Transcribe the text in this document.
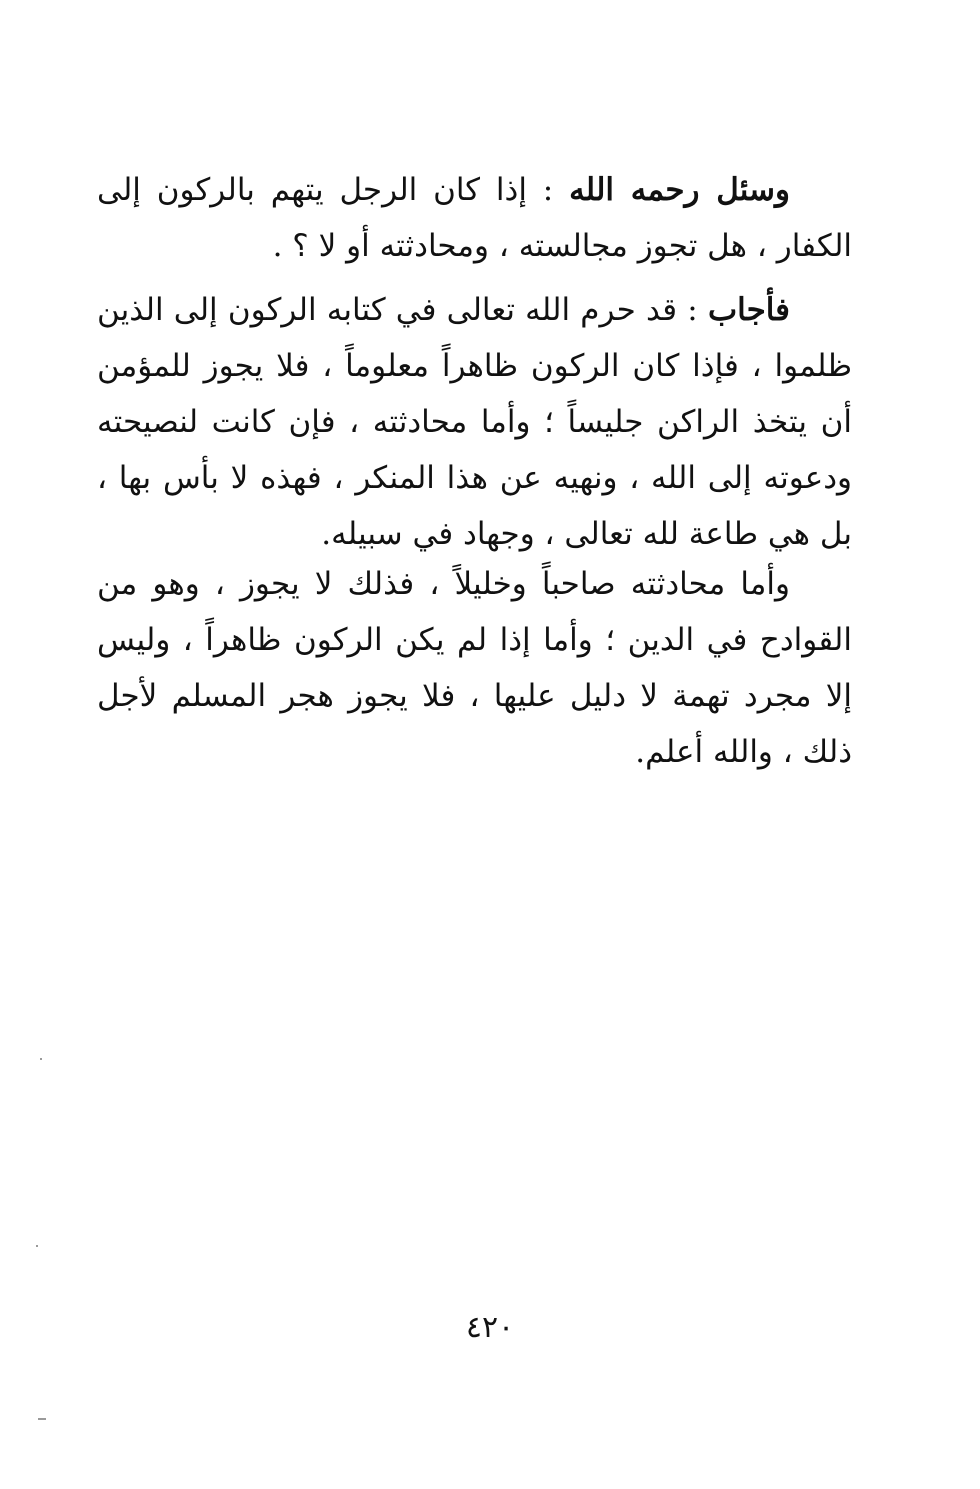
وسئل رحمه الله : إذا كان الرجل يتهم بالركون إلى الكفار ، هل تجوز مجالسته ، ومحادثته أو لا ؟ .

فأجاب : قد حرم الله تعالى في كتابه الركون إلى الذين ظلموا ، فإذا كان الركون ظاهراً معلوماً ، فلا يجوز للمؤمن أن يتخذ الراكن جليساً ؛ وأما محادثته ، فإن كانت لنصيحته ودعوته إلى الله ، ونهيه عن هذا المنكر ، فهذه لا بأس بها ، بل هي طاعة لله تعالى ، وجهاد في سبيله.

وأما محادثته صاحباً وخليلاً ، فذلك لا يجوز ، وهو من القوادح في الدين ؛ وأما إذا لم يكن الركون ظاهراً ، وليس إلا مجرد تهمة لا دليل عليها ، فلا يجوز هجر المسلم لأجل ذلك ، والله أعلم.

٤٢٠
